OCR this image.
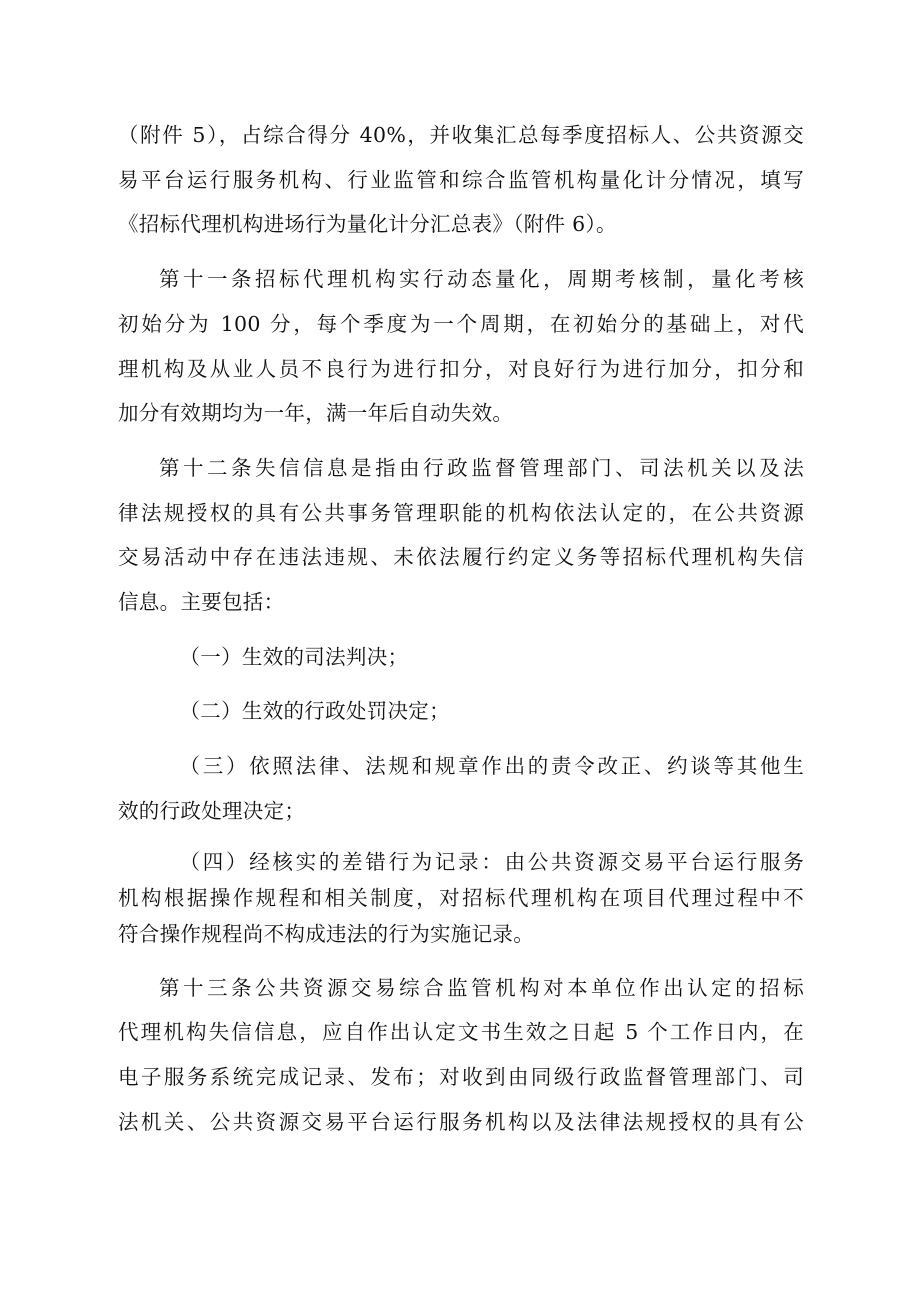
（附件 5），占综合得分 40%，并收集汇总每季度招标人、公共资源交
易平台运行服务机构、行业监管和综合监管机构量化计分情况，填写
《招标代理机构进场行为量化计分汇总表》（附件 6）。

第十一条招标代理机构实行动态量化，周期考核制，量化考核
初始分为 100 分，每个季度为一个周期，在初始分的基础上，对代
理机构及从业人员不良行为进行扣分，对良好行为进行加分，扣分和
加分有效期均为一年，满一年后自动失效。

第十二条失信信息是指由行政监督管理部门、司法机关以及法
律法规授权的具有公共事务管理职能的机构依法认定的，在公共资源
交易活动中存在违法违规、未依法履行约定义务等招标代理机构失信
信息。主要包括：

（一）生效的司法判决；

（二）生效的行政处罚决定；

（三）依照法律、法规和规章作出的责令改正、约谈等其他生
效的行政处理决定；

（四）经核实的差错行为记录：由公共资源交易平台运行服务
机构根据操作规程和相关制度，对招标代理机构在项目代理过程中不
符合操作规程尚不构成违法的行为实施记录。

第十三条公共资源交易综合监管机构对本单位作出认定的招标
代理机构失信信息，应自作出认定文书生效之日起 5 个工作日内，在
电子服务系统完成记录、发布；对收到由同级行政监督管理部门、司
法机关、公共资源交易平台运行服务机构以及法律法规授权的具有公
